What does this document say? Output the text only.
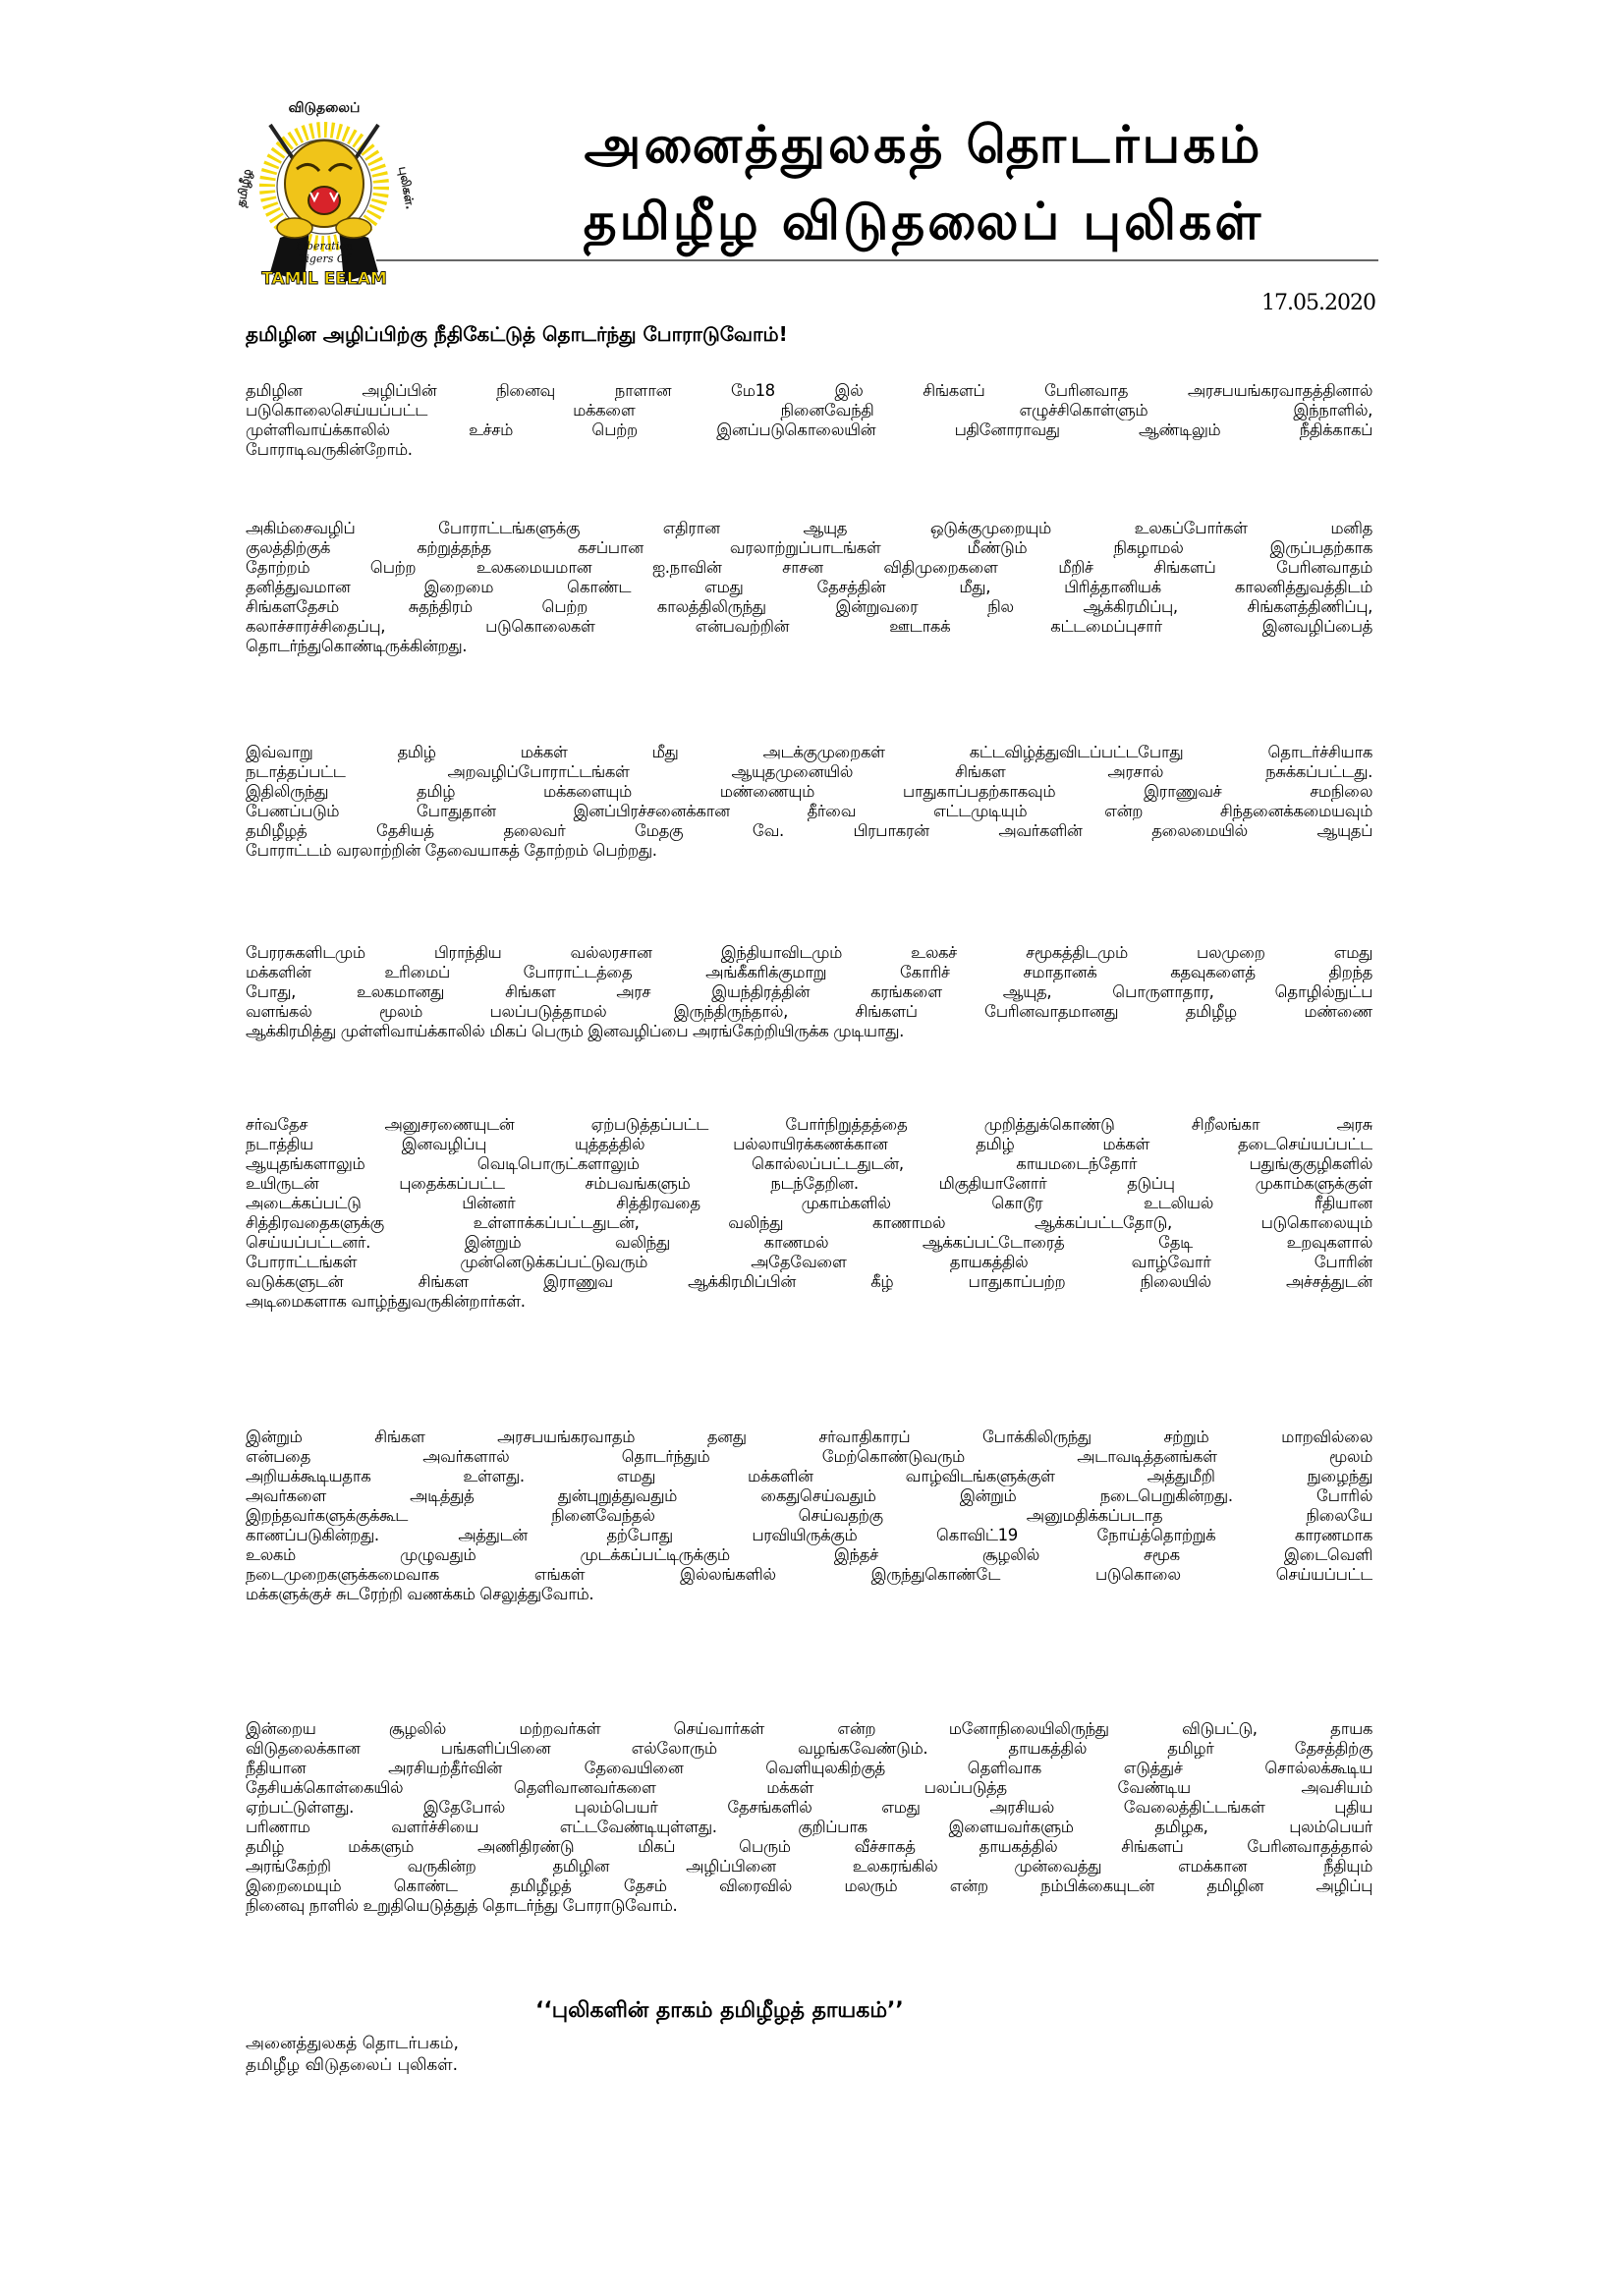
விடுதலைப்
தமிழீழ	புலிகள்.
Liberation
Tigers Of
TAMIL EELAM
அனைத்துலகத் தொடர்பகம்
தமிழீழ விடுதலைப் புலிகள்
17.05.2020
தமிழின அழிப்பிற்கு நீதிகேட்டுத் தொடர்ந்து போராடுவோம்!
தமிழின அழிப்பின் நினைவு நாளான மே18 இல் சிங்களப் பேரினவாத அரசபயங்கரவாதத்தினால்
படுகொலைசெய்யப்பட்ட மக்களை நினைவேந்தி எழுச்சிகொள்ளும் இந்நாளில்,
முள்ளிவாய்க்காலில் உச்சம் பெற்ற இனப்படுகொலையின் பதினோராவது ஆண்டிலும் நீதிக்காகப்
போராடிவருகின்றோம்.
அகிம்சைவழிப் போராட்டங்களுக்கு எதிரான ஆயுத ஒடுக்குமுறையும் உலகப்போர்கள் மனித
குலத்திற்குக் கற்றுத்தந்த கசப்பான வரலாற்றுப்பாடங்கள் மீண்டும் நிகழாமல் இருப்பதற்காக
தோற்றம் பெற்ற உலகமையமான ஐ.நாவின் சாசன விதிமுறைகளை மீறிச் சிங்களப் பேரினவாதம்
தனித்துவமான இறைமை கொண்ட எமது தேசத்தின் மீது, பிரித்தானியக் காலனித்துவத்திடம்
சிங்களதேசம் சுதந்திரம் பெற்ற காலத்திலிருந்து இன்றுவரை நில ஆக்கிரமிப்பு, சிங்களத்திணிப்பு,
கலாச்சாரச்சிதைப்பு, படுகொலைகள் என்பவற்றின் ஊடாகக் கட்டமைப்புசார் இனவழிப்பைத்
தொடர்ந்துகொண்டிருக்கின்றது.
இவ்வாறு தமிழ் மக்கள் மீது அடக்குமுறைகள் கட்டவிழ்த்துவிடப்பட்டபோது தொடர்ச்சியாக
நடாத்தப்பட்ட அறவழிப்போராட்டங்கள் ஆயுதமுனையில் சிங்கள அரசால் நசுக்கப்பட்டது.
இதிலிருந்து தமிழ் மக்களையும் மண்ணையும் பாதுகாப்பதற்காகவும் இராணுவச் சமநிலை
பேணப்படும் போதுதான் இனப்பிரச்சனைக்கான தீர்வை எட்டமுடியும் என்ற சிந்தனைக்கமையவும்
தமிழீழத் தேசியத் தலைவர் மேதகு வே. பிரபாகரன் அவர்களின் தலைமையில் ஆயுதப்
போராட்டம் வரலாற்றின் தேவையாகத் தோற்றம் பெற்றது.
பேரரசுகளிடமும் பிராந்திய வல்லரசான இந்தியாவிடமும் உலகச் சமூகத்திடமும் பலமுறை எமது
மக்களின் உரிமைப் போராட்டத்தை அங்கீகரிக்குமாறு கோரிச் சமாதானக் கதவுகளைத் திறந்த
போது, உலகமானது சிங்கள அரச இயந்திரத்தின் கரங்களை ஆயுத, பொருளாதார, தொழில்நுட்ப
வளங்கல் மூலம் பலப்படுத்தாமல் இருந்திருந்தால், சிங்களப் பேரினவாதமானது தமிழீழ மண்ணை
ஆக்கிரமித்து முள்ளிவாய்க்காலில் மிகப் பெரும் இனவழிப்பை அரங்கேற்றியிருக்க முடியாது.
சர்வதேச அனுசரணையுடன் ஏற்படுத்தப்பட்ட போர்நிறுத்தத்தை முறித்துக்கொண்டு சிறீலங்கா அரசு
நடாத்திய இனவழிப்பு யுத்தத்தில் பல்லாயிரக்கணக்கான தமிழ் மக்கள் தடைசெய்யப்பட்ட
ஆயுதங்களாலும் வெடிபொருட்களாலும் கொல்லப்பட்டதுடன், காயமடைந்தோர் பதுங்குகுழிகளில்
உயிருடன் புதைக்கப்பட்ட சம்பவங்களும் நடந்தேறின. மிகுதியானோர் தடுப்பு முகாம்களுக்குள்
அடைக்கப்பட்டு பின்னர் சித்திரவதை முகாம்களில் கொடூர உடலியல் ரீதியான
சித்திரவதைகளுக்கு உள்ளாக்கப்பட்டதுடன், வலிந்து காணாமல் ஆக்கப்பட்டதோடு, படுகொலையும்
செய்யப்பட்டனர். இன்றும் வலிந்து காணமல் ஆக்கப்பட்டோரைத் தேடி உறவுகளால்
போராட்டங்கள் முன்னெடுக்கப்பட்டுவரும் அதேவேளை தாயகத்தில் வாழ்வோர் போரின்
வடுக்களுடன் சிங்கள இராணுவ ஆக்கிரமிப்பின் கீழ் பாதுகாப்பற்ற நிலையில் அச்சத்துடன்
அடிமைகளாக வாழ்ந்துவருகின்றார்கள்.
இன்றும் சிங்கள அரசபயங்கரவாதம் தனது சர்வாதிகாரப் போக்கிலிருந்து சற்றும் மாறவில்லை
என்பதை அவர்களால் தொடர்ந்தும் மேற்கொண்டுவரும் அடாவடித்தனங்கள் மூலம்
அறியக்கூடியதாக உள்ளது. எமது மக்களின் வாழ்விடங்களுக்குள் அத்துமீறி நுழைந்து
அவர்களை அடித்துத் துன்புறுத்துவதும் கைதுசெய்வதும் இன்றும் நடைபெறுகின்றது. போரில்
இறந்தவர்களுக்குக்கூட நினைவேந்தல் செய்வதற்கு அனுமதிக்கப்படாத நிலையே
காணப்படுகின்றது. அத்துடன் தற்போது பரவியிருக்கும் கொவிட்19 நோய்த்தொற்றுக் காரணமாக
உலகம் முழுவதும் முடக்கப்பட்டிருக்கும் இந்தச் சூழலில் சமூக இடைவெளி
நடைமுறைகளுக்கமைவாக எங்கள் இல்லங்களில் இருந்துகொண்டே படுகொலை செய்யப்பட்ட
மக்களுக்குச் சுடரேற்றி வணக்கம் செலுத்துவோம்.
இன்றைய சூழலில் மற்றவர்கள் செய்வார்கள் என்ற மனோநிலையிலிருந்து விடுபட்டு, தாயக
விடுதலைக்கான பங்களிப்பினை எல்லோரும் வழங்கவேண்டும். தாயகத்தில் தமிழர் தேசத்திற்கு
நீதியான அரசியற்தீர்வின் தேவையினை வெளியுலகிற்குத் தெளிவாக எடுத்துச் சொல்லக்கூடிய
தேசியக்கொள்கையில் தெளிவானவர்களை மக்கள் பலப்படுத்த வேண்டிய அவசியம்
ஏற்பட்டுள்ளது. இதேபோல் புலம்பெயர் தேசங்களில் எமது அரசியல் வேலைத்திட்டங்கள் புதிய
பரிணாம வளர்ச்சியை எட்டவேண்டியுள்ளது. குறிப்பாக இளையவர்களும் தமிழக, புலம்பெயர்
தமிழ் மக்களும் அணிதிரண்டு மிகப் பெரும் வீச்சாகத் தாயகத்தில் சிங்களப் பேரினவாதத்தால்
அரங்கேற்றி வருகின்ற தமிழின அழிப்பினை உலகரங்கில் முன்வைத்து எமக்கான நீதியும்
இறைமையும் கொண்ட தமிழீழத் தேசம் விரைவில் மலரும் என்ற நம்பிக்கையுடன் தமிழின அழிப்பு
நினைவு நாளில் உறுதியெடுத்துத் தொடர்ந்து போராடுவோம்.
‘‘புலிகளின் தாகம் தமிழீழத் தாயகம்’’
அனைத்துலகத் தொடர்பகம்,
தமிழீழ விடுதலைப் புலிகள்.
